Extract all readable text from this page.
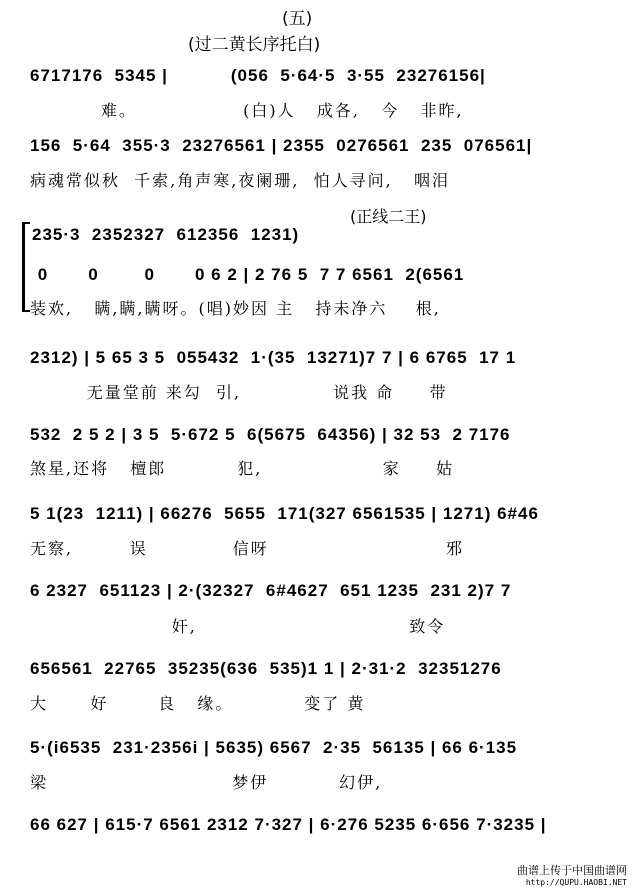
(五)
(过二黄长序托白)
6717176  5345 |           (056  5·64·5  3·55  23276156|
难。               (白)人   成各,   今   非昨,
156  5·64  355·3  23276561 | 2355  0276561  235  076561|
病魂常似秋  千索,角声寒,夜阑珊,  怕人寻问,   咽泪
(正线二王)
235·3  2352327  612356  1231)
0       0        0       0 6 2 | 2 76 5  7 7 6561  2(6561
装欢,   瞒,瞒,瞒呀。(唱)妙因 主   持未净六    根,
2312) | 5 65 3 5  055432  1·(35  13271)7 7 | 6 6765  17 1
无量堂前 来勾  引,             说我 命     带
532  2 5 2 | 3 5  5·672 5  6(5675  64356) | 32 53  2 7176
煞星,还将   檀郎          犯,                 家     姑
5 1(23  1211) | 66276  5655  171(327 6561535 | 1271) 6#46
无察,        误            信呀                         邪
6 2327  651123 | 2·(32327  6#4627  651 1235  231 2)7 7
奸,                              致令
656561  22765  35235(636  535)1 1 | 2·31·2  32351276
大      好       良   缘。          变了 黄
5·(i6535  231·2356i | 5635) 6567  2·35  56135 | 66 6·135
梁                          梦伊          幻伊,
66 627 | 615·7 6561 2312 7·327 | 6·276 5235 6·656 7·3235 |
曲谱上传于中国曲谱网
http://QUPU.HAOBI.NET
